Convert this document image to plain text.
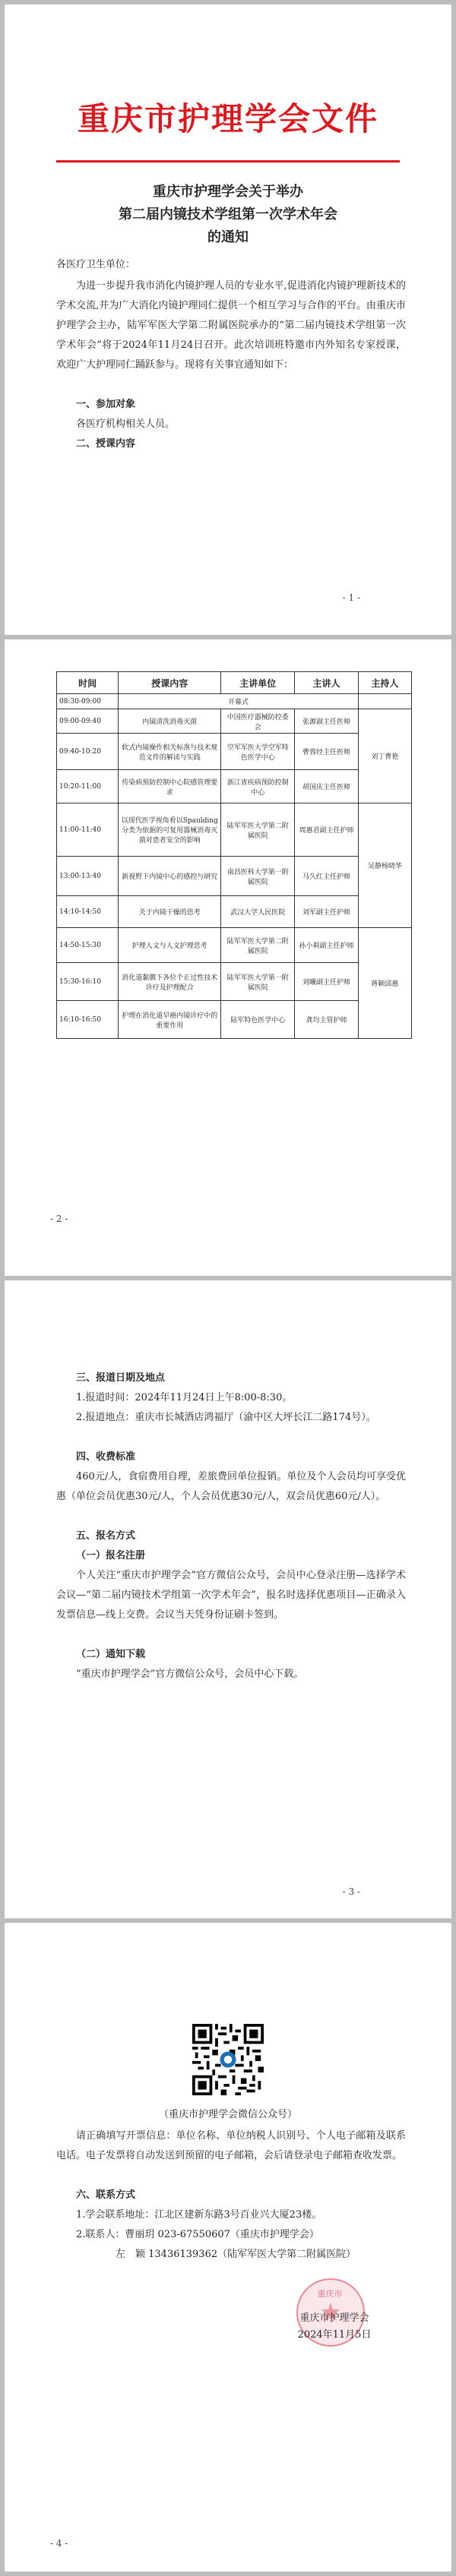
重庆市护理学会文件
重庆市护理学会关于举办
第二届内镜技术学组第一次学术年会
的通知
各医疗卫生单位：
为进一步提升我市消化内镜护理人员的专业水平,促进消化内镜护理新技术的学术交流,并为广大消化内镜护理同仁提供一个相互学习与合作的平台。由重庆市护理学会主办，陆军军医大学第二附属医院承办的“第二届内镜技术学组第一次学术年会”将于2024年11月24日召开。此次培训班特邀市内外知名专家授课，欢迎广大护理同仁踊跃参与。现将有关事宜通知如下：
一、参加对象
各医疗机构相关人员。
二、授课内容
- 1 -
时间	授课内容	主讲单位	主讲人	主持人
08:30-09:00	开幕式			
09:00-09:40	内镜清洗消毒灭菌	中国医疗器械防控委会	张源淑主任医师	刘丁曹艳
09:40-10:20	软式内镜操作相关标准与技术规范文件的解读与实践	空军军医大学空军特色医学中心	曹蓉经主任医师	
10:20-11:00	传染病预防控制中心院感管理要求	浙江省疾病预防控制中心	胡国庆主任医师	
11:00-11:40	以现代医学视角看以Spaulding分类为依据的可复用器械消毒灭菌对患者安全的影响	陆军军医大学第二附属医院	周惠君副主任护师	吴静杨晓华
13:00-13:40	新视野下内镜中心的感控与研究	南昌医科大学第一附属医院	马久红主任护师	
14:10-14:50	关于内镜干燥的思考	武汉大学人民医院	刘军副主任护师	
14:50-15:30	护理人文与人文护理思考	陆军军医大学第二附属医院	孙小莉副主任护师	蒋颖邱惠
15:30-16:10	消化道黏膜下各位个正过性技术诊疗及护理配合	陆军军医大学第一附属医院	刘曦副主任护师	
16:10-16:50	护理在消化道早癌内镜诊疗中的重要作用	陆军特色医学中心	龚均主管护师	
- 2 -
三、报道日期及地点
1.报道时间：2024年11月24日上午8:00-8:30。
2.报道地点：重庆市长城酒店鸿福厅（渝中区大坪长江二路174号）。
四、收费标准
460元/人，食宿费用自理，差旅费回单位报销。单位及个人会员均可享受优惠（单位会员优惠30元/人，个人会员优惠30元/人，双会员优惠60元/人）。
五、报名方式
（一）报名注册
个人关注“重庆市护理学会”官方微信公众号，会员中心登录注册—选择学术会议—“第二届内镜技术学组第一次学术年会”，报名时选择优惠项目—正确录入发票信息—线上交费。会议当天凭身份证刷卡签到。
（二）通知下载
“重庆市护理学会”官方微信公众号，会员中心下载。
- 3 -
（重庆市护理学会微信公众号）
请正确填写开票信息：单位名称、单位纳税人识别号、个人电子邮箱及联系电话。电子发票将自动发送到预留的电子邮箱，会后请登录电子邮箱查收发票。
六、联系方式
1.学会联系地址：江北区建新东路3号百业兴大厦23楼。
2.联系人：曹丽玥 023-67550607（重庆市护理学会）
左　颖 13436139362（陆军军医大学第二附属医院）
重庆市
重庆市护理学会
2024年11月5日
- 4 -
